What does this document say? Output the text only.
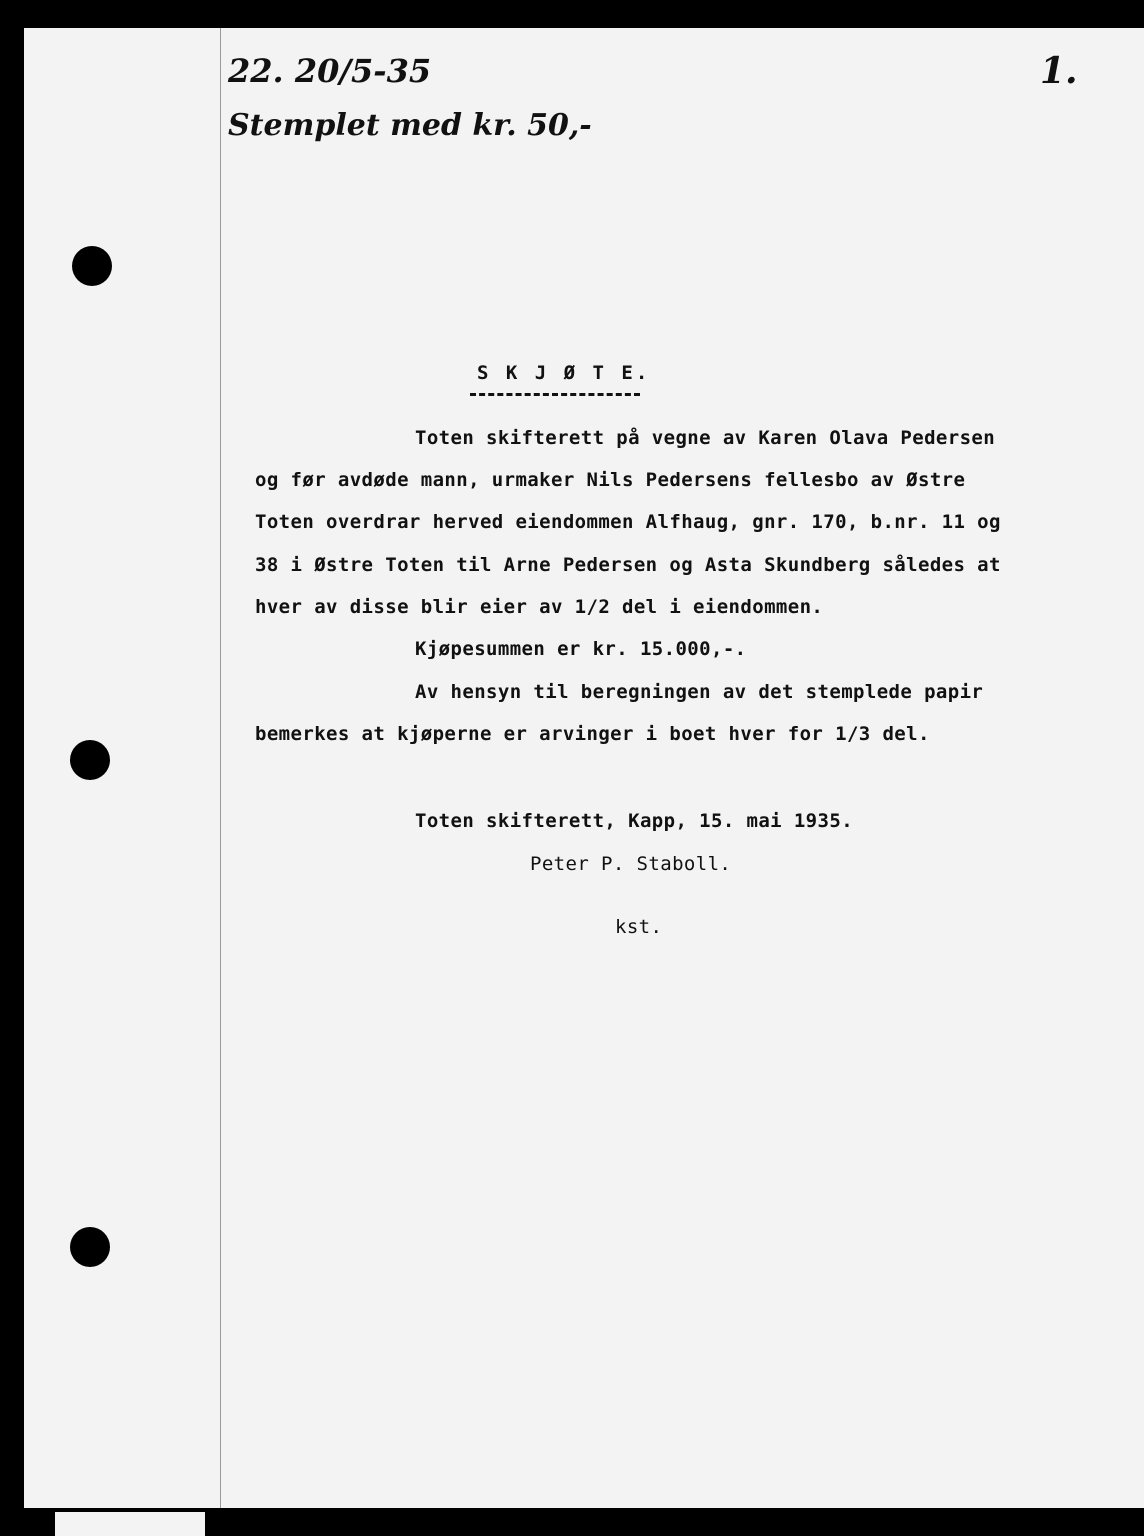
22. 20/5-35
Stemplet med kr. 50,-
1.
S K J Ø T E.
Toten skifterett på vegne av Karen Olava Pedersen
og før avdøde mann, urmaker Nils Pedersens fellesbo av Østre
Toten overdrar herved eiendommen Alfhaug, gnr. 170, b.nr. 11 og
38 i Østre Toten til Arne Pedersen og Asta Skundberg således at
hver av disse blir eier av 1/2 del i eiendommen.
Kjøpesummen er kr. 15.000,-.
Av hensyn til beregningen av det stemplede papir
bemerkes at kjøperne er arvinger i boet hver for 1/3 del.
Toten skifterett, Kapp, 15. mai 1935.
Peter P. Staboll.
kst.
